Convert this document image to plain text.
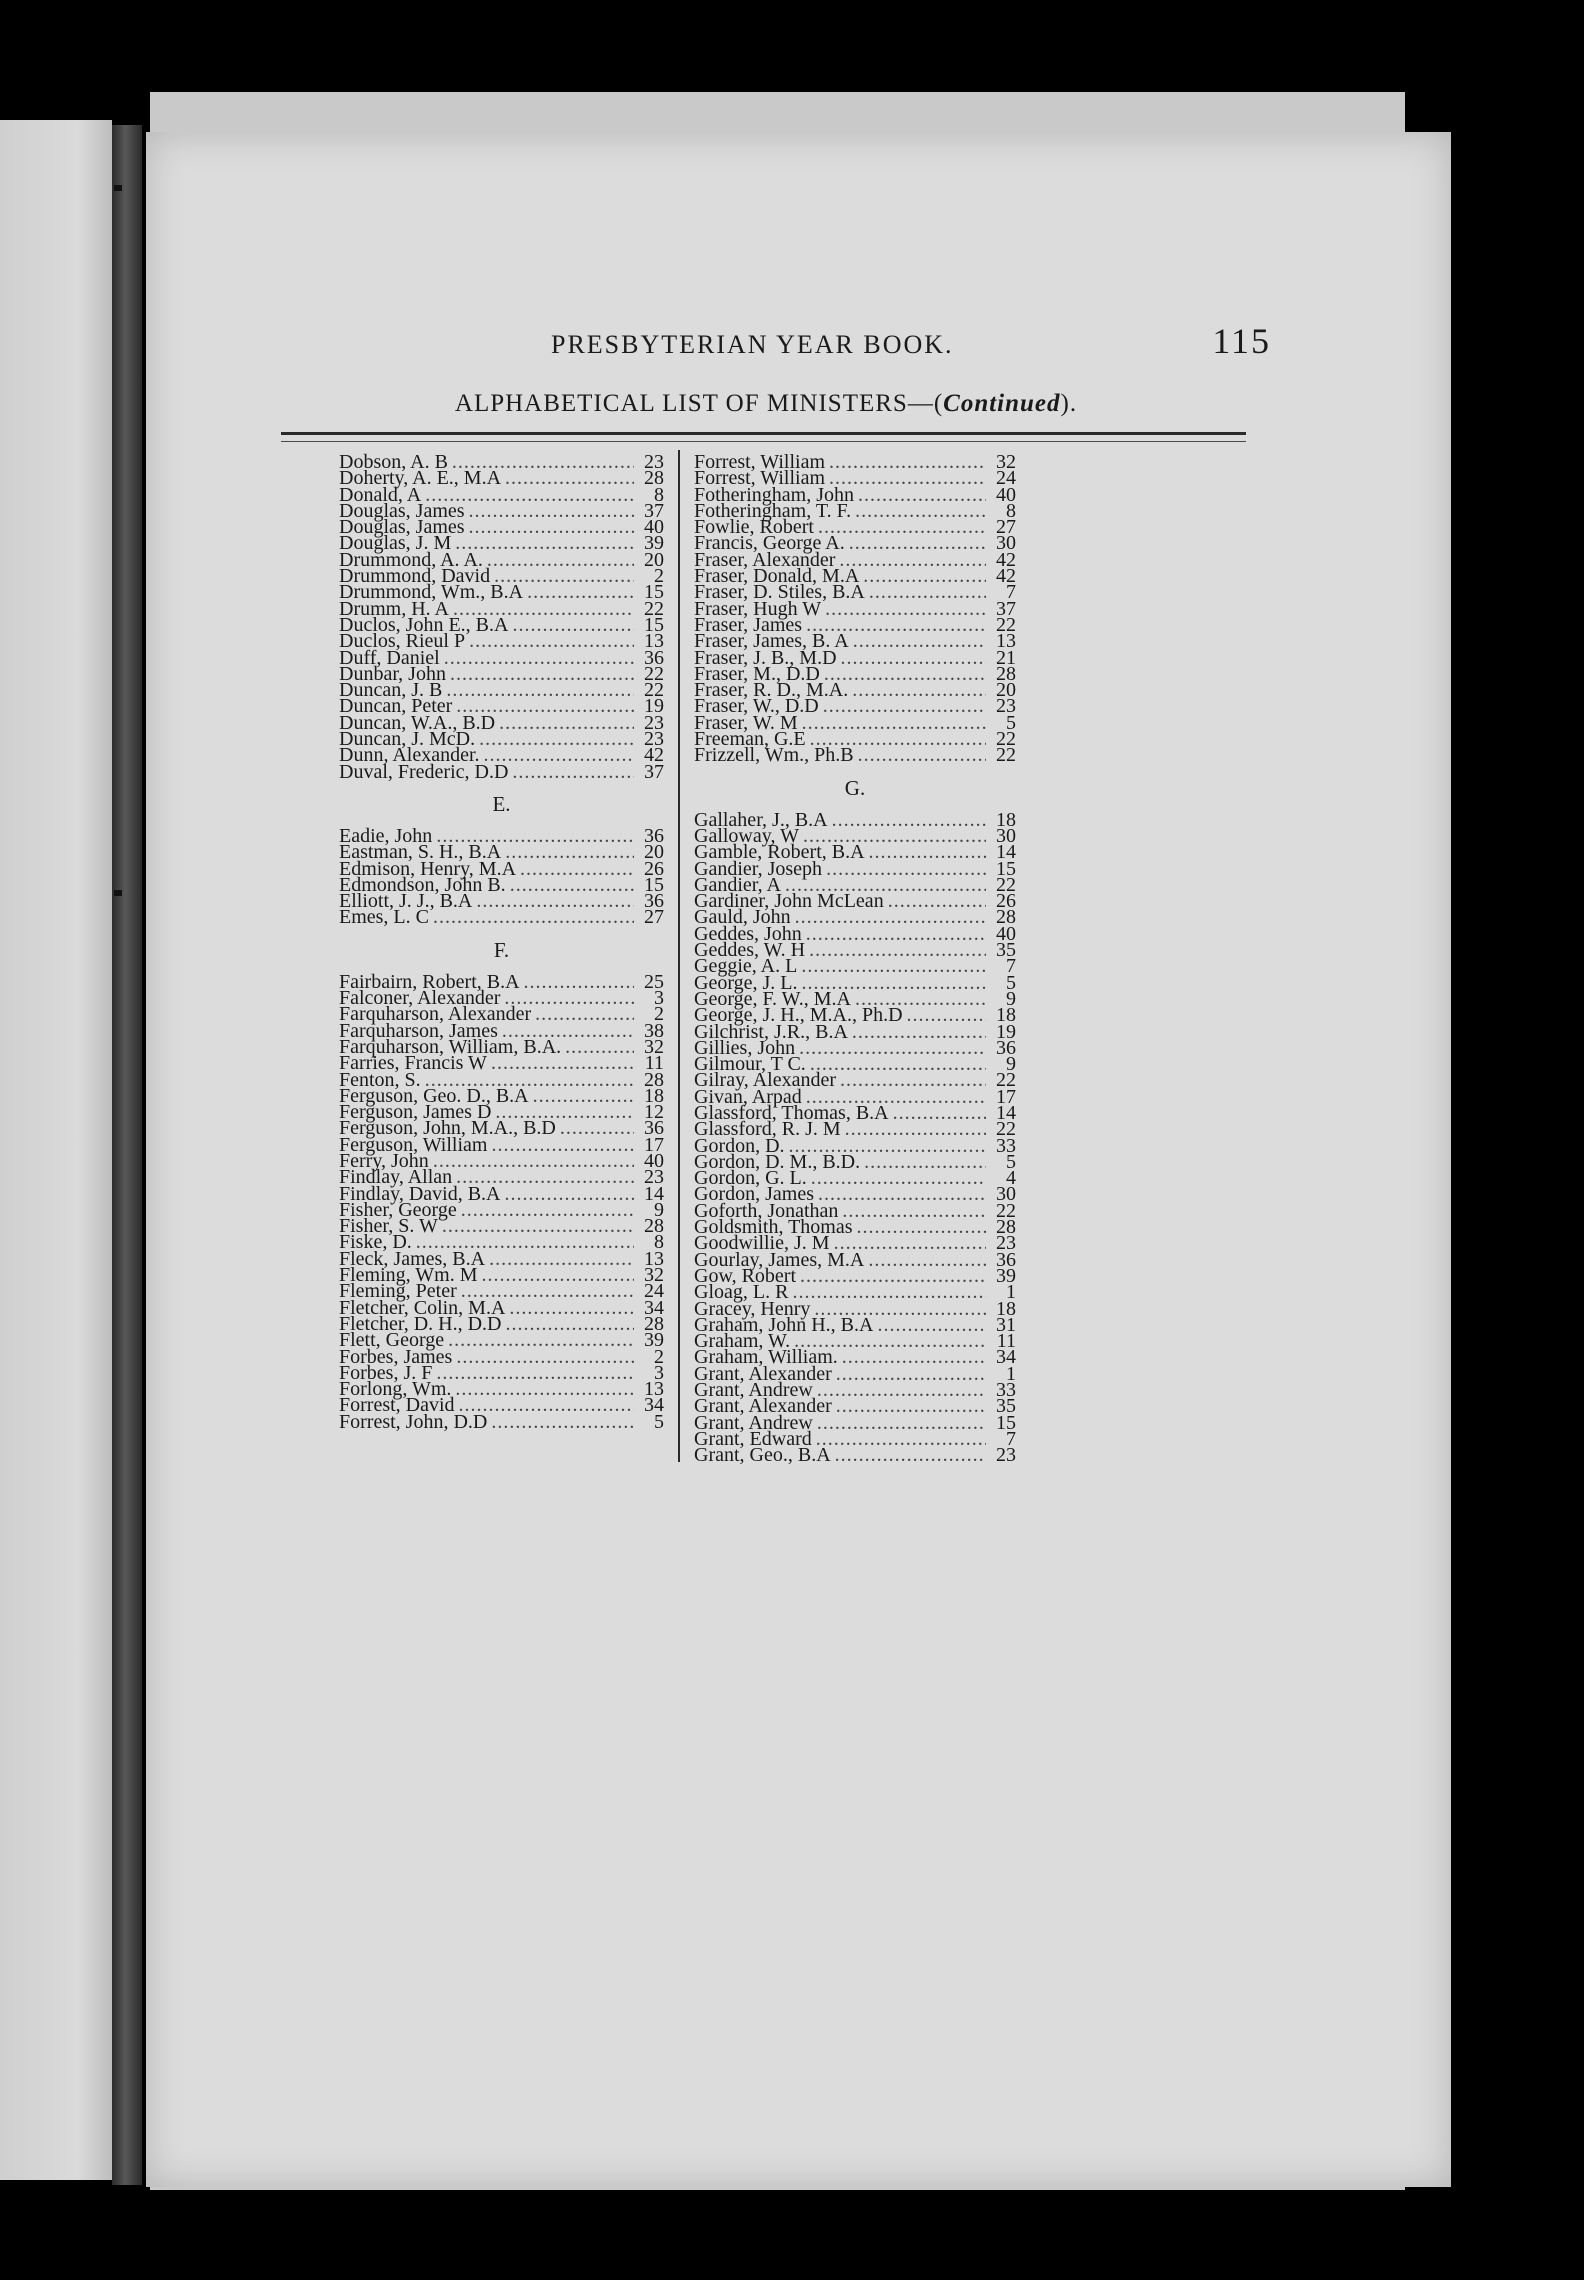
PRESBYTERIAN YEAR BOOK.	115
ALPHABETICAL LIST OF MINISTERS—(Continued).
Dobson, A. B .....	23
Doherty, A. E., M.A .....	28
Donald, A .....	8
Douglas, James .....	37
Douglas, James .....	40
Douglas, J. M .....	39
Drummond, A. A. .....	20
Drummond, David .....	2
Drummond, Wm., B.A .....	15
Drumm, H. A .....	22
Duclos, John E., B.A .....	15
Duclos, Rieul P .....	13
Duff, Daniel .....	36
Dunbar, John .....	22
Duncan, J. B .....	22
Duncan, Peter .....	19
Duncan, W.A., B.D .....	23
Duncan, J. McD. .....	23
Dunn, Alexander. .....	42
Duval, Frederic, D.D .....	37
E.
Eadie, John .....	36
Eastman, S. H., B.A .....	20
Edmison, Henry, M.A .....	26
Edmondson, John B. .....	15
Elliott, J. J., B.A .....	36
Emes, L. C .....	27
F.
Fairbairn, Robert, B.A .....	25
Falconer, Alexander .....	3
Farquharson, Alexander .....	2
Farquharson, James .....	38
Farquharson, William, B.A. .....	32
Farries, Francis W .....	11
Fenton, S. .....	28
Ferguson, Geo. D., B.A .....	18
Ferguson, James D .....	12
Ferguson, John, M.A., B.D .....	36
Ferguson, William .....	17
Ferry, John .....	40
Findlay, Allan .....	23
Findlay, David, B.A .....	14
Fisher, George .....	9
Fisher, S. W .....	28
Fiske, D. .....	8
Fleck, James, B.A .....	13
Fleming, Wm. M .....	32
Fleming, Peter .....	24
Fletcher, Colin, M.A .....	34
Fletcher, D. H., D.D .....	28
Flett, George .....	39
Forbes, James .....	2
Forbes, J. F .....	3
Forlong, Wm. .....	13
Forrest, David .....	34
Forrest, John, D.D .....	5
Forrest, William .....	32
Forrest, William .....	24
Fotheringham, John .....	40
Fotheringham, T. F. .....	8
Fowlie, Robert .....	27
Francis, George A. .....	30
Fraser, Alexander .....	42
Fraser, Donald, M.A .....	42
Fraser, D. Stiles, B.A .....	7
Fraser, Hugh W .....	37
Fraser, James .....	22
Fraser, James, B. A .....	13
Fraser, J. B., M.D .....	21
Fraser, M., D.D .....	28
Fraser, R. D., M.A. .....	20
Fraser, W., D.D .....	23
Fraser, W. M .....	5
Freeman, G.E .....	22
Frizzell, Wm., Ph.B .....	22
G.
Gallaher, J., B.A .....	18
Galloway, W .....	30
Gamble, Robert, B.A .....	14
Gandier, Joseph .....	15
Gandier, A .....	22
Gardiner, John McLean .....	26
Gauld, John .....	28
Geddes, John .....	40
Geddes, W. H .....	35
Geggie, A. L .....	7
George, J. L. .....	5
George, F. W., M.A .....	9
George, J. H., M.A., Ph.D .....	18
Gilchrist, J.R., B.A .....	19
Gillies, John .....	36
Gilmour, T C. .....	9
Gilray, Alexander .....	22
Givan, Arpad .....	17
Glassford, Thomas, B.A .....	14
Glassford, R. J. M .....	22
Gordon, D. .....	33
Gordon, D. M., B.D. .....	5
Gordon, G. L. .....	4
Gordon, James .....	30
Goforth, Jonathan .....	22
Goldsmith, Thomas .....	28
Goodwillie, J. M .....	23
Gourlay, James, M.A .....	36
Gow, Robert .....	39
Gloag, L. R .....	1
Gracey, Henry .....	18
Graham, John H., B.A .....	31
Graham, W. .....	11
Graham, William. .....	34
Grant, Alexander .....	1
Grant, Andrew .....	33
Grant, Alexander .....	35
Grant, Andrew .....	15
Grant, Edward .....	7
Grant, Geo., B.A .....	23
